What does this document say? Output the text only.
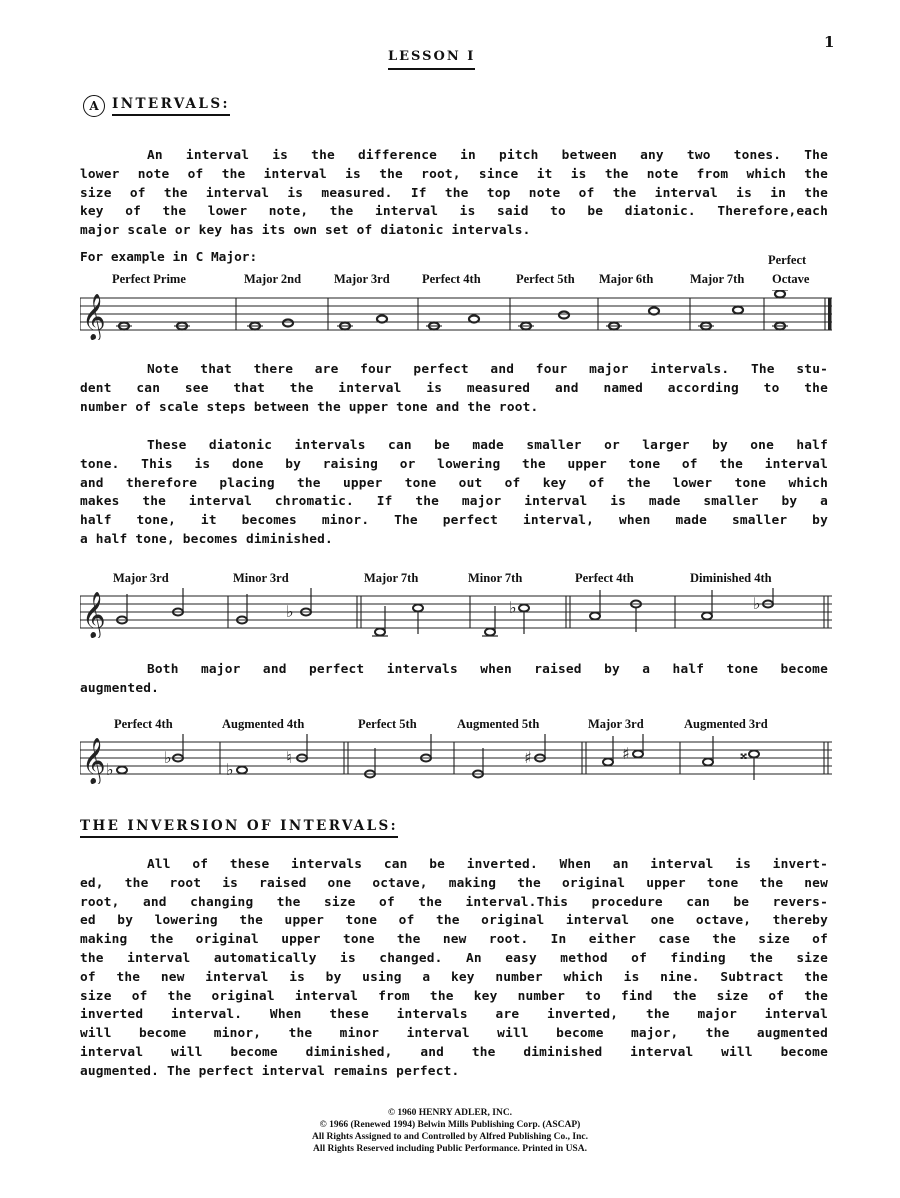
1
LESSON I
A INTERVALS:
An interval is the difference in pitch between any two tones. The
lower note of the interval is the root, since it is the note from which the
size of the interval is measured. If the top note of the interval is in the
key of the lower note, the interval is said to be diatonic. Therefore,each
major scale or key has its own set of diatonic intervals.
For example in C Major:
Perfect Prime	Major 2nd	Major 3rd	Perfect 4th	Perfect 5th Major 6th	Major 7th
Perfect
Octave
𝄞
Note that there are four perfect and four major intervals. The stu-
dent can see that the interval is measured and named according to the
number of scale steps between the upper tone and the root.
These diatonic intervals can be made smaller or larger by one half
tone. This is done by raising or lowering the upper tone of the interval
and therefore placing the upper tone out of key of the lower tone which
makes the interval chromatic. If the major interval is made smaller by a
half tone, it becomes minor. The perfect interval, when made smaller by
a half tone, becomes diminished.
Major 3rd	Minor 3rd	Major 7th	Minor 7th	Perfect 4th	Diminished 4th
𝄞	♭	♭	♭
Both major and perfect intervals when raised by a half tone become
augmented.
Perfect 4th	Augmented 4th	Perfect 5th	Augmented 5th	Major 3rd	Augmented 3rd
𝄞 ♭
♭
♭
♮	♯	♯	𝄪
THE INVERSION OF INTERVALS:
All of these intervals can be inverted. When an interval is invert-
ed, the root is raised one octave, making the original upper tone the new
root, and changing the size of the interval.This procedure can be revers-
ed by lowering the upper tone of the original interval one octave, thereby
making the original upper tone the new root. In either case the size of
the interval automatically is changed. An easy method of finding the size
of the new interval is by using a key number which is nine. Subtract the
size of the original interval from the key number to find the size of the
inverted interval. When these intervals are inverted, the major interval
will become minor, the minor interval will become major, the augmented
interval will become diminished, and the diminished interval will become
augmented. The perfect interval remains perfect.
© 1960 HENRY ADLER, INC.
© 1966 (Renewed 1994) Belwin Mills Publishing Corp. (ASCAP)
All Rights Assigned to and Controlled by Alfred Publishing Co., Inc.
All Rights Reserved including Public Performance. Printed in USA.
